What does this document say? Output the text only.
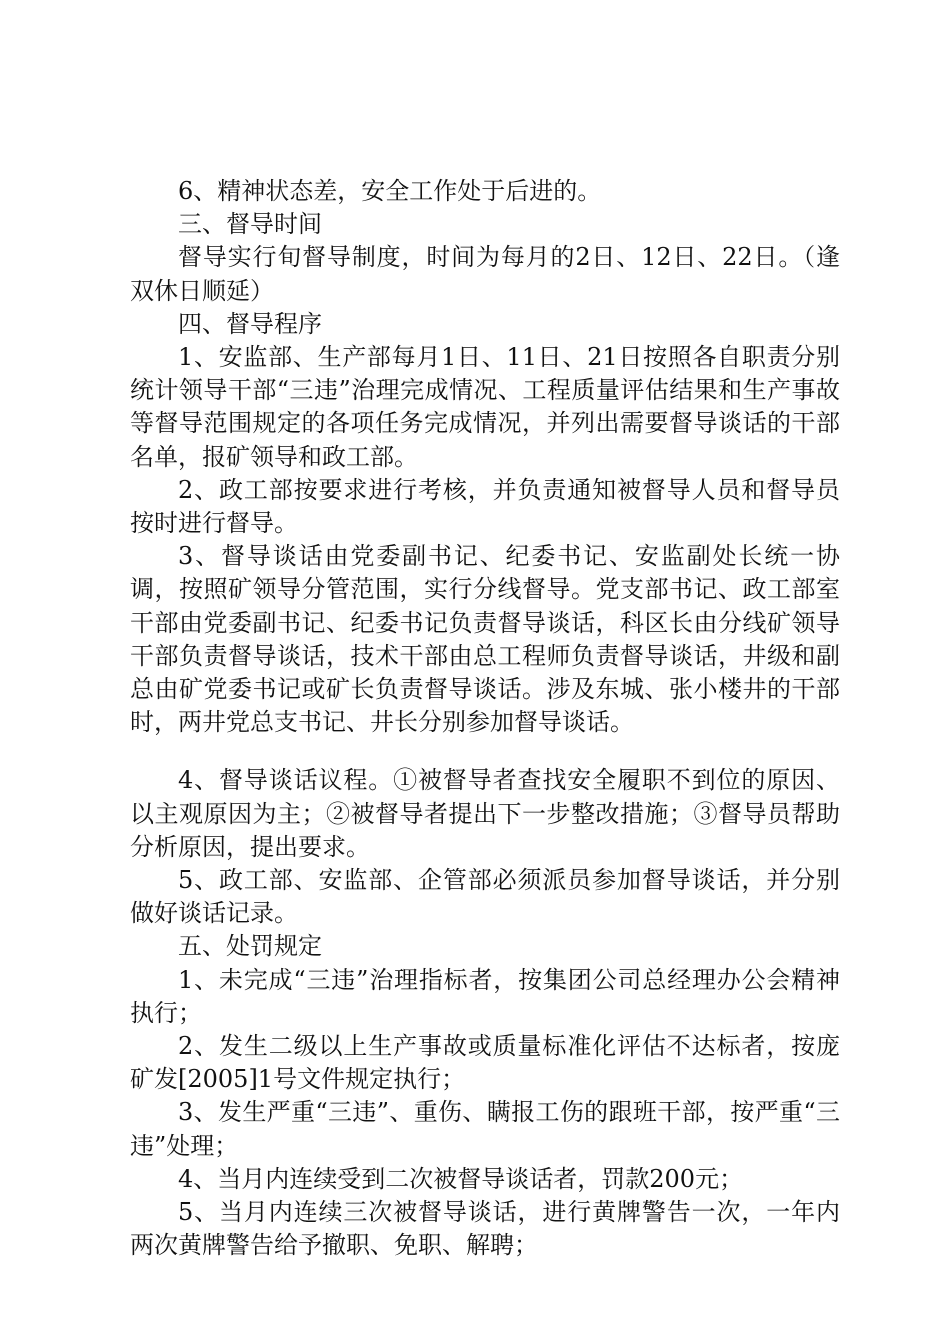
6、精神状态差，安全工作处于后进的。

三、督导时间

督导实行旬督导制度，时间为每月的2日、12日、22日。（逢双休日顺延）

四、督导程序

1、安监部、生产部每月1日、11日、21日按照各自职责分别统计领导干部“三违”治理完成情况、工程质量评估结果和生产事故等督导范围规定的各项任务完成情况，并列出需要督导谈话的干部名单，报矿领导和政工部。

2、政工部按要求进行考核，并负责通知被督导人员和督导员按时进行督导。

3、督导谈话由党委副书记、纪委书记、安监副处长统一协调，按照矿领导分管范围，实行分线督导。党支部书记、政工部室干部由党委副书记、纪委书记负责督导谈话，科区长由分线矿领导干部负责督导谈话，技术干部由总工程师负责督导谈话，井级和副总由矿党委书记或矿长负责督导谈话。涉及东城、张小楼井的干部时，两井党总支书记、井长分别参加督导谈话。

4、督导谈话议程。①被督导者查找安全履职不到位的原因、以主观原因为主；②被督导者提出下一步整改措施；③督导员帮助分析原因，提出要求。

5、政工部、安监部、企管部必须派员参加督导谈话，并分别做好谈话记录。

五、处罚规定

1、未完成“三违”治理指标者，按集团公司总经理办公会精神执行；

2、发生二级以上生产事故或质量标准化评估不达标者，按庞矿发[2005]1号文件规定执行；

3、发生严重“三违”、重伤、瞒报工伤的跟班干部，按严重“三违”处理；

4、当月内连续受到二次被督导谈话者，罚款200元；

5、当月内连续三次被督导谈话，进行黄牌警告一次，一年内两次黄牌警告给予撤职、免职、解聘；
